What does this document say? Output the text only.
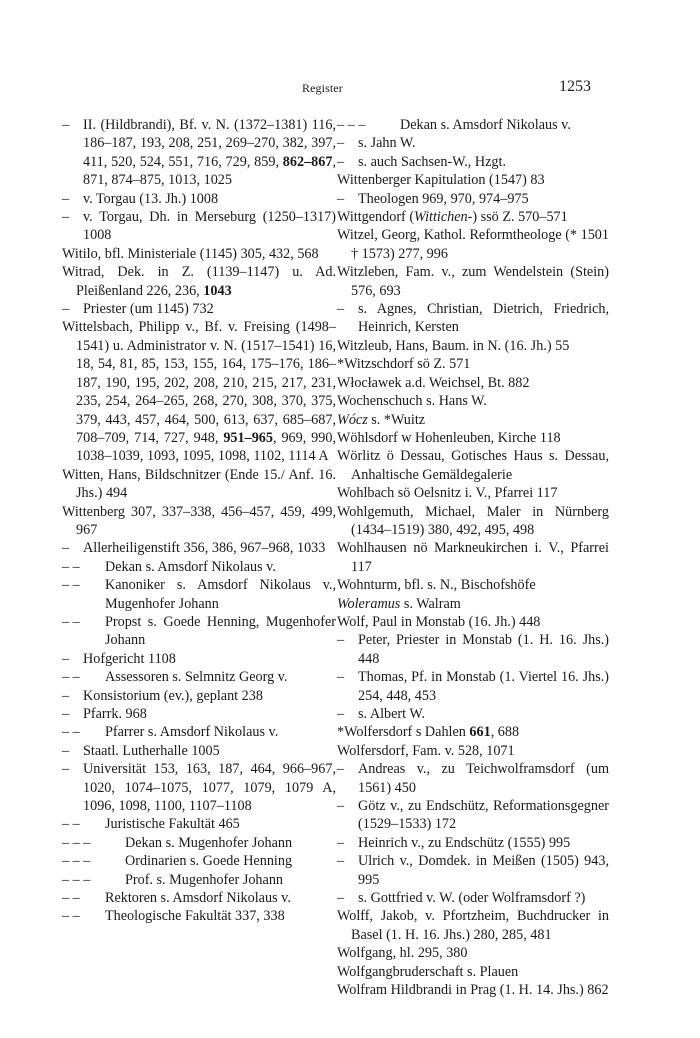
Register	1253
– II. (Hildbrandi), Bf. v. N. (1372–1381) 116, 186–187, 193, 208, 251, 269–270, 382, 397, 411, 520, 524, 551, 716, 729, 859, 862–867, 871, 874–875, 1013, 1025
– v. Torgau (13. Jh.) 1008
– v. Torgau, Dh. in Merseburg (1250–1317) 1008
Witilo, bfl. Ministeriale (1145) 305, 432, 568
Witrad, Dek. in Z. (1139–1147) u. Ad. Pleißenland 226, 236, 1043
– Priester (um 1145) 732
Wittelsbach, Philipp v., Bf. v. Freising (1498–1541) u. Administrator v. N. (1517–1541) 16, 18, 54, 81, 85, 153, 155, 164, 175–176, 186–187, 190, 195, 202, 208, 210, 215, 217, 231, 235, 254, 264–265, 268, 270, 308, 370, 375, 379, 443, 457, 464, 500, 613, 637, 685–687, 708–709, 714, 727, 948, 951–965, 969, 990, 1038–1039, 1093, 1095, 1098, 1102, 1114 A
Witten, Hans, Bildschnitzer (Ende 15./ Anf. 16. Jhs.) 494
Wittenberg 307, 337–338, 456–457, 459, 499, 967
– Allerheiligenstift 356, 386, 967–968, 1033
– – Dekan s. Amsdorf Nikolaus v.
– – Kanoniker s. Amsdorf Nikolaus v., Mugenhofer Johann
– – Propst s. Goede Henning, Mugenhofer Johann
– Hofgericht 1108
– – Assessoren s. Selmnitz Georg v.
– Konsistorium (ev.), geplant 238
– Pfarrk. 968
– – Pfarrer s. Amsdorf Nikolaus v.
– Staatl. Lutherhalle 1005
– Universität 153, 163, 187, 464, 966–967, 1020, 1074–1075, 1077, 1079, 1079 A, 1096, 1098, 1100, 1107–1108
– – Juristische Fakultät 465
– – – Dekan s. Mugenhofer Johann
– – – Ordinarien s. Goede Henning
– – – Prof. s. Mugenhofer Johann
– – Rektoren s. Amsdorf Nikolaus v.
– – Theologische Fakultät 337, 338
– – – Dekan s. Amsdorf Nikolaus v.
– s. Jahn W.
– s. auch Sachsen-W., Hzgt.
Wittenberger Kapitulation (1547) 83
– Theologen 969, 970, 974–975
Wittgendorf (Wittichen-) ssö Z. 570–571
Witzel, Georg, Kathol. Reformtheologe (* 1501 † 1573) 277, 996
Witzleben, Fam. v., zum Wendelstein (Stein) 576, 693
– s. Agnes, Christian, Dietrich, Friedrich, Heinrich, Kersten
Witzleub, Hans, Baum. in N. (16. Jh.) 55
*Witzschdorf sö Z. 571
Włocławek a.d. Weichsel, Bt. 882
Wochenschuch s. Hans W.
Wócz s. *Wuitz
Wöhlsdorf w Hohenleuben, Kirche 118
Wörlitz ö Dessau, Gotisches Haus s. Dessau, Anhaltische Gemäldegalerie
Wohlbach sö Oelsnitz i. V., Pfarrei 117
Wohlgemuth, Michael, Maler in Nürnberg (1434–1519) 380, 492, 495, 498
Wohlhausen nö Markneukirchen i. V., Pfarrei 117
Wohnturm, bfl. s. N., Bischofshöfe
Woleramus s. Walram
Wolf, Paul in Monstab (16. Jh.) 448
– Peter, Priester in Monstab (1. H. 16. Jhs.) 448
– Thomas, Pf. in Monstab (1. Viertel 16. Jhs.) 254, 448, 453
– s. Albert W.
*Wolfersdorf s Dahlen 661, 688
Wolfersdorf, Fam. v. 528, 1071
– Andreas v., zu Teichwolframsdorf (um 1561) 450
– Götz v., zu Endschütz, Reformationsgegner (1529–1533) 172
– Heinrich v., zu Endschütz (1555) 995
– Ulrich v., Domdek. in Meißen (1505) 943, 995
– s. Gottfried v. W. (oder Wolframsdorf ?)
Wolff, Jakob, v. Pfortzheim, Buchdrucker in Basel (1. H. 16. Jhs.) 280, 285, 481
Wolfgang, hl. 295, 380
Wolfgangbruderschaft s. Plauen
Wolfram Hildbrandi in Prag (1. H. 14. Jhs.) 862
